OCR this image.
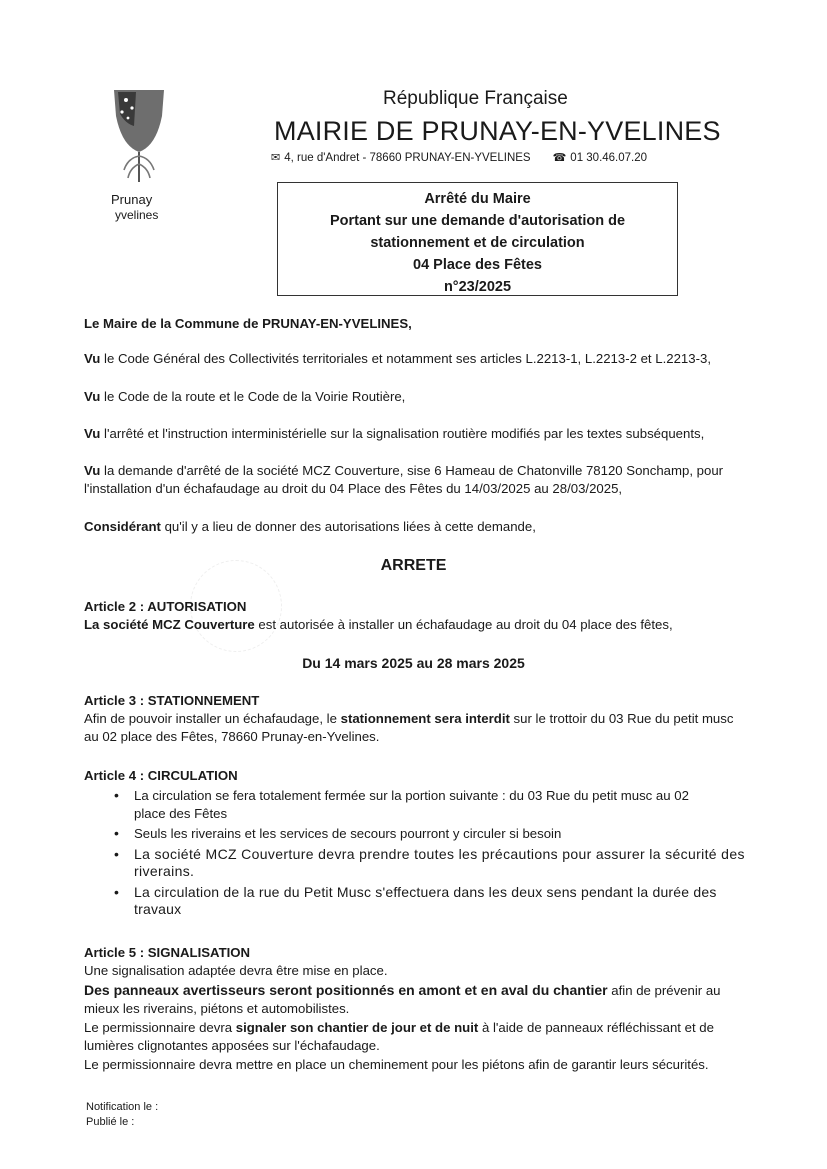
Prunay
yvelines
République Française
MAIRIE DE PRUNAY-EN-YVELINES
✉ 4, rue d'Andret - 78660 PRUNAY-EN-YVELINES ☎ 01 30.46.07.20
Arrêté du Maire
Portant sur une demande d'autorisation de
stationnement et de circulation
04 Place des Fêtes
n°23/2025
Le Maire de la Commune de PRUNAY-EN-YVELINES,
Vu le Code Général des Collectivités territoriales et notamment ses articles L.2213-1, L.2213-2 et L.2213-3,
Vu le Code de la route et le Code de la Voirie Routière,
Vu l'arrêté et l'instruction interministérielle sur la signalisation routière modifiés par les textes subséquents,
Vu la demande d'arrêté de la société MCZ Couverture, sise 6 Hameau de Chatonville 78120 Sonchamp, pour
l'installation d'un échafaudage au droit du 04 Place des Fêtes du 14/03/2025 au 28/03/2025,
Considérant qu'il y a lieu de donner des autorisations liées à cette demande,
ARRETE
Article 2 : AUTORISATION
La société MCZ Couverture est autorisée à installer un échafaudage au droit du 04 place des fêtes,
Du 14 mars 2025 au 28 mars 2025
Article 3 : STATIONNEMENT
Afin de pouvoir installer un échafaudage, le stationnement sera interdit sur le trottoir du 03 Rue du petit musc
au 02 place des Fêtes, 78660 Prunay-en-Yvelines.
Article 4 : CIRCULATION
• La circulation se fera totalement fermée sur la portion suivante : du 03 Rue du petit musc au 02
place des Fêtes
• Seuls les riverains et les services de secours pourront y circuler si besoin
• La société MCZ Couverture devra prendre toutes les précautions pour assurer la sécurité des
riverains.
• La circulation de la rue du Petit Musc s'effectuera dans les deux sens pendant la durée des
travaux
Article 5 : SIGNALISATION
Une signalisation adaptée devra être mise en place.
Des panneaux avertisseurs seront positionnés en amont et en aval du chantier afin de prévenir au
mieux les riverains, piétons et automobilistes.
Le permissionnaire devra signaler son chantier de jour et de nuit à l'aide de panneaux réfléchissant et de
lumières clignotantes apposées sur l'échafaudage.
Le permissionnaire devra mettre en place un cheminement pour les piétons afin de garantir leurs sécurités.
Notification le :
Publié le :
